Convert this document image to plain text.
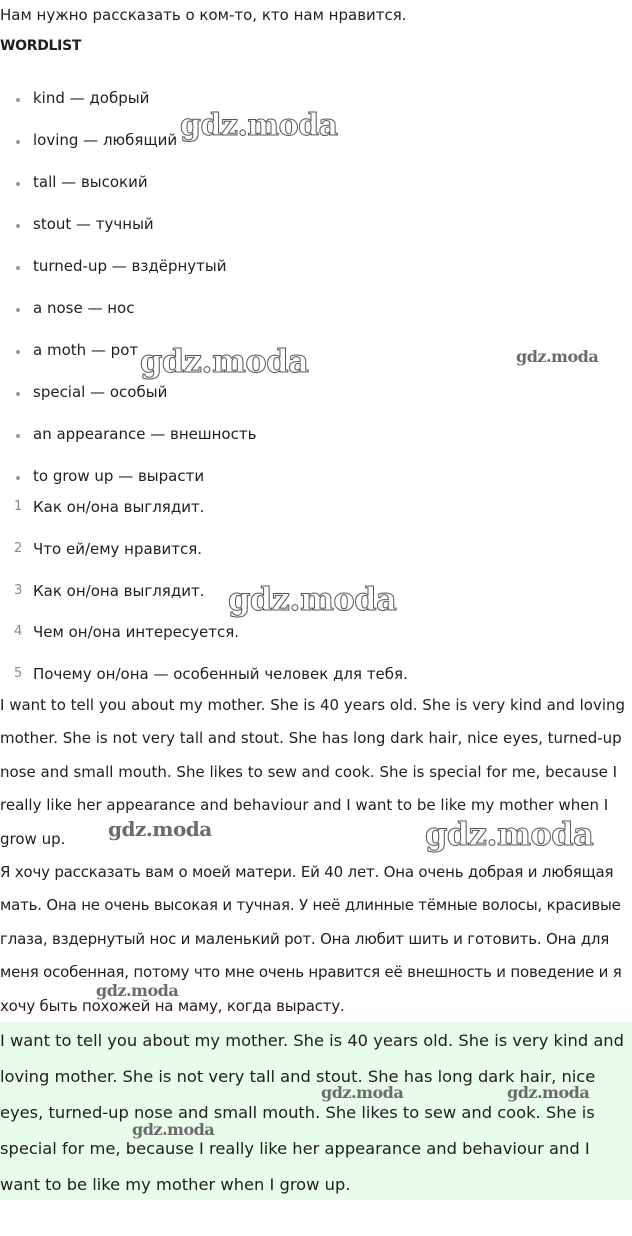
Нам нужно рассказать о ком-то, кто нам нравится.
WORDLIST
kind — добрый
loving — любящий
tall — высокий
stout — тучный
turned-up — вздёрнутый
a nose — нос
a moth — рот
special — особый
an appearance — внешность
to grow up — вырасти
1 Как он/она выглядит.
2 Что ей/ему нравится.
3 Как он/она выглядит.
4 Чем он/она интересуется.
5 Почему он/она — особенный человек для тебя.

I want to tell you about my mother. She is 40 years old. She is very kind and loving mother. She is not very tall and stout. She has long dark hair, nice eyes, turned-up nose and small mouth. She likes to sew and cook. She is special for me, because I really like her appearance and behaviour and I want to be like my mother when I grow up.

Я хочу рассказать вам о моей матери. Ей 40 лет. Она очень добрая и любящая мать. Она не очень высокая и тучная. У неё длинные тёмные волосы, красивые глаза, вздернутый нос и маленький рот. Она любит шить и готовить. Она для меня особенная, потому что мне очень нравится её внешность и поведение и я хочу быть похожей на маму, когда вырасту.

I want to tell you about my mother. She is 40 years old. She is very kind and loving mother. She is not very tall and stout. She has long dark hair, nice eyes, turned-up nose and small mouth. She likes to sew and cook. She is special for me, because I really like her appearance and behaviour and I want to be like my mother when I grow up.

gdz.moda
gdz.moda	gdz.moda
gdz.moda
gdz.moda	gdz.moda
gdz.moda
gdz.moda	gdz.moda
gdz.moda
